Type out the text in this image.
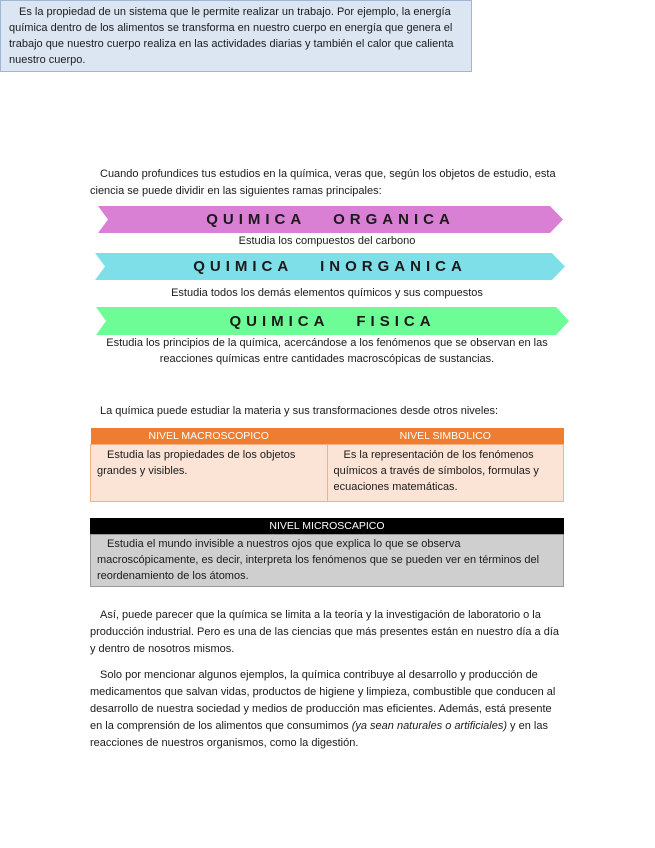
Es la propiedad de un sistema que le permite realizar un trabajo. Por ejemplo, la energía química dentro de los alimentos se transforma en nuestro cuerpo en energía que genera el trabajo que nuestro cuerpo realiza en las actividades diarias y también el calor que calienta nuestro cuerpo.
Cuando profundices tus estudios en la química, veras que, según los objetos de estudio, esta ciencia se puede dividir en las siguientes ramas principales:
QUIMICA   ORGANICA
Estudia los compuestos del carbono
QUIMICA   INORGANICA
Estudia todos los demás elementos químicos y sus compuestos
QUIMICA   FISICA
Estudia los principios de la química, acercándose a los fenómenos que se observan en las reacciones químicas entre cantidades macroscópicas de sustancias.
La química puede estudiar la materia y sus transformaciones desde otros niveles:
NIVEL MACROSCOPICO	NIVEL SIMBOLICO
Estudia las propiedades de los objetos grandes y visibles.	Es la representación de los fenómenos químicos a través de símbolos, formulas y ecuaciones matemáticas.
NIVEL MICROSCAPICO
Estudia el mundo invisible a nuestros ojos que explica lo que se observa macroscópicamente, es decir, interpreta los fenómenos que se pueden ver en términos del reordenamiento de los átomos.
Así, puede parecer que la química se limita a la teoría y la investigación de laboratorio o la producción industrial. Pero es una de las ciencias que más presentes están en nuestro día a día y dentro de nosotros mismos.
Solo por mencionar algunos ejemplos, la química contribuye al desarrollo y producción de medicamentos que salvan vidas, productos de higiene y limpieza, combustible que conducen al desarrollo de nuestra sociedad y medios de producción mas eficientes. Además, está presente en la comprensión de los alimentos que consumimos (ya sean naturales o artificiales) y en las reacciones de nuestros organismos, como la digestión.
